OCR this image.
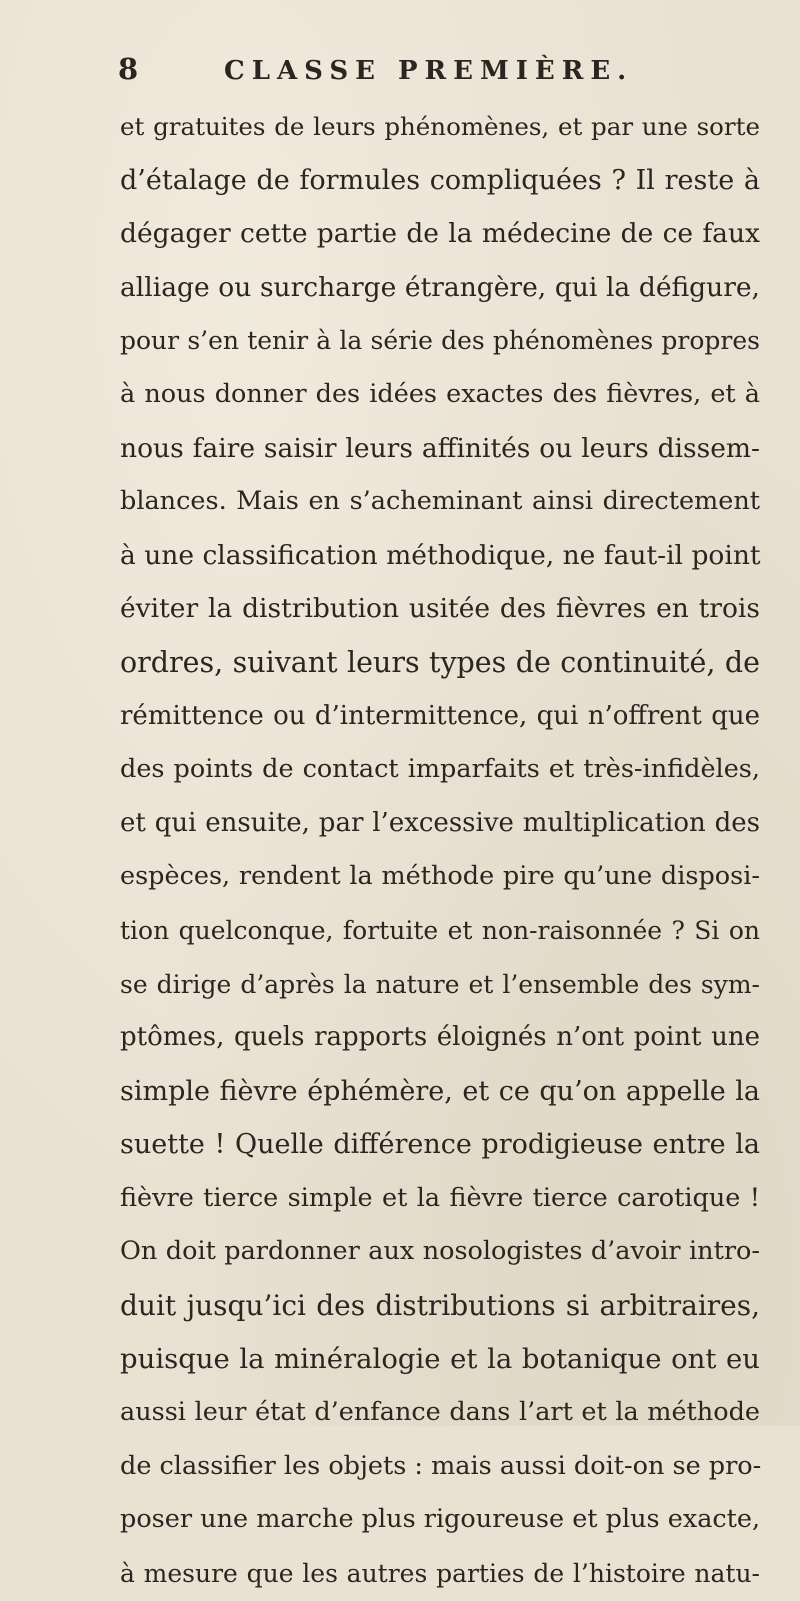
8	CLASSE PREMIÈRE.
et gratuites de leurs phénomènes, et par une sorte
d’étalage de formules compliquées ? Il reste à
dégager cette partie de la médecine de ce faux
alliage ou surcharge étrangère, qui la défigure,
pour s’en tenir à la série des phénomènes propres
à nous donner des idées exactes des fièvres, et à
nous faire saisir leurs affinités ou leurs dissem-
blances. Mais en s’acheminant ainsi directement
à une classification méthodique, ne faut-il point
éviter la distribution usitée des fièvres en trois
ordres, suivant leurs types de continuité, de
rémittence ou d’intermittence, qui n’offrent que
des points de contact imparfaits et très-infidèles,
et qui ensuite, par l’excessive multiplication des
espèces, rendent la méthode pire qu’une disposi-
tion quelconque, fortuite et non-raisonnée ? Si on
se dirige d’après la nature et l’ensemble des sym-
ptômes, quels rapports éloignés n’ont point une
simple fièvre éphémère, et ce qu’on appelle la
suette ! Quelle différence prodigieuse entre la
fièvre tierce simple et la fièvre tierce carotique !
On doit pardonner aux nosologistes d’avoir intro-
duit jusqu’ici des distributions si arbitraires,
puisque la minéralogie et la botanique ont eu
aussi leur état d’enfance dans l’art et la méthode
de classifier les objets : mais aussi doit-on se pro-
poser une marche plus rigoureuse et plus exacte,
à mesure que les autres parties de l’histoire natu-
